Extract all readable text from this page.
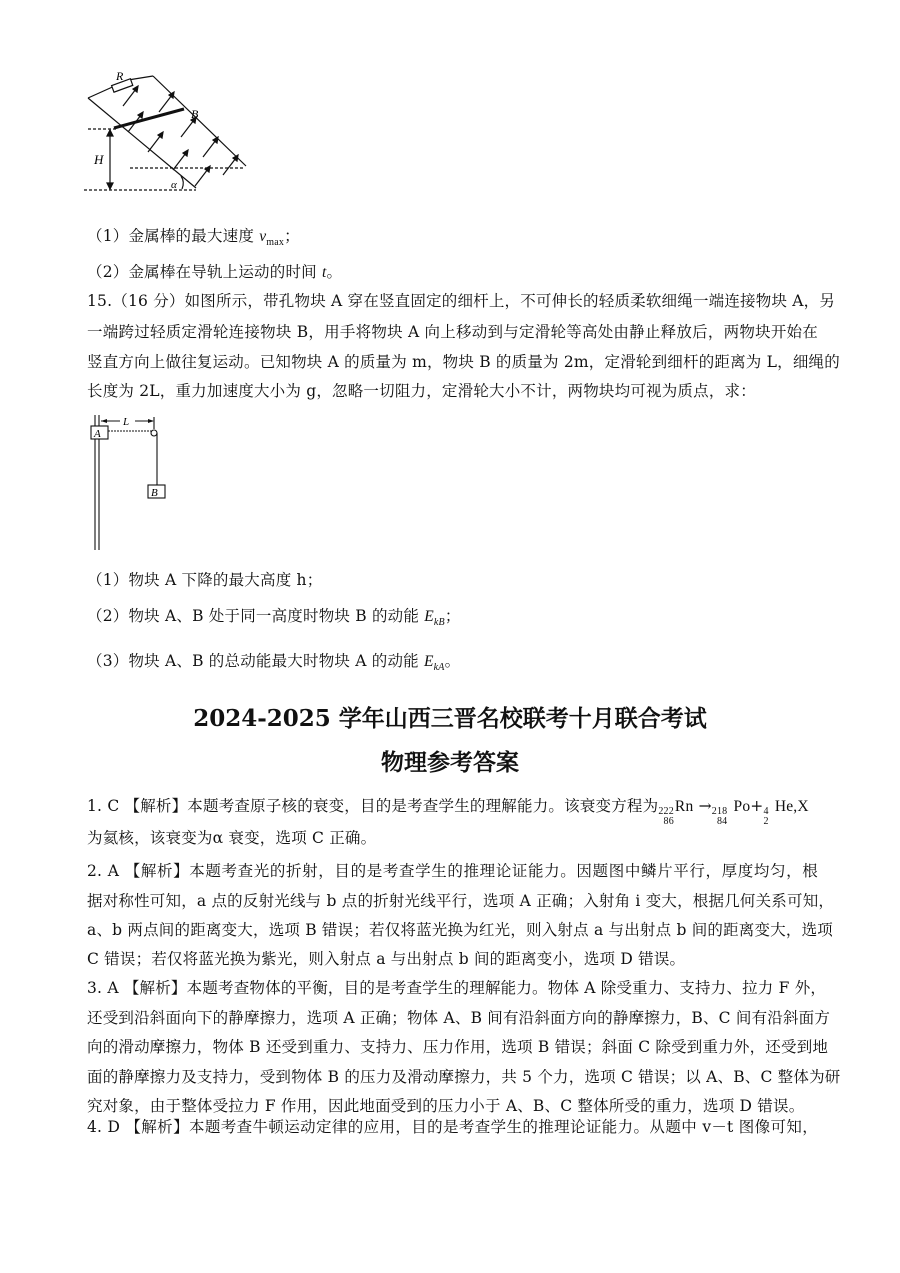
R
B
H
α
（1）金属棒的最大速度 $v_{max}$；
（2）金属棒在导轨上运动的时间 t。
15.（16 分）如图所示，带孔物块 A 穿在竖直固定的细杆上，不可伸长的轻质柔软细绳一端连接物块 A，另
一端跨过轻质定滑轮连接物块 B，用手将物块 A 向上移动到与定滑轮等高处由静止释放后，两物块开始在
竖直方向上做往复运动。已知物块 A 的质量为 m，物块 B 的质量为 2m，定滑轮到细杆的距离为 L，细绳的
长度为 2L，重力加速度大小为 g，忽略一切阻力，定滑轮大小不计，两物块均可视为质点，求：
A
B
L
（1）物块 A 下降的最大高度 h；
（2）物块 A、B 处于同一高度时物块 B 的动能 $E_{kB}$；
（3）物块 A、B 的总动能最大时物块 A 的动能 $E_{kA}$。
2024-2025 学年山西三晋名校联考十月联合考试
物理参考答案
1. C 【解析】本题考查原子核的衰变，目的是考查学生的理解能力。该衰变方程为 222
86
Rn → 218
84
Po+ 4
2
He,X
为氦核，该衰变为α 衰变，选项 C 正确。
2. A 【解析】本题考查光的折射，目的是考查学生的推理论证能力。因题图中鳞片平行，厚度均匀，根
据对称性可知，a 点的反射光线与 b 点的折射光线平行，选项 A 正确；入射角 i 变大，根据几何关系可知，
a、b 两点间的距离变大，选项 B 错误；若仅将蓝光换为红光，则入射点 a 与出射点 b 间的距离变大，选项
C 错误；若仅将蓝光换为紫光，则入射点 a 与出射点 b 间的距离变小，选项 D 错误。
3. A 【解析】本题考查物体的平衡，目的是考查学生的理解能力。物体 A 除受重力、支持力、拉力 F 外，
还受到沿斜面向下的静摩擦力，选项 A 正确；物体 A、B 间有沿斜面方向的静摩擦力，B、C 间有沿斜面方
向的滑动摩擦力，物体 B 还受到重力、支持力、压力作用，选项 B 错误；斜面 C 除受到重力外，还受到地
面的静摩擦力及支持力，受到物体 B 的压力及滑动摩擦力，共 5 个力，选项 C 错误；以 A、B、C 整体为研
究对象，由于整体受拉力 F 作用，因此地面受到的压力小于 A、B、C 整体所受的重力，选项 D 错误。
4. D 【解析】本题考查牛顿运动定律的应用，目的是考查学生的推理论证能力。从题中 v－t 图像可知，
